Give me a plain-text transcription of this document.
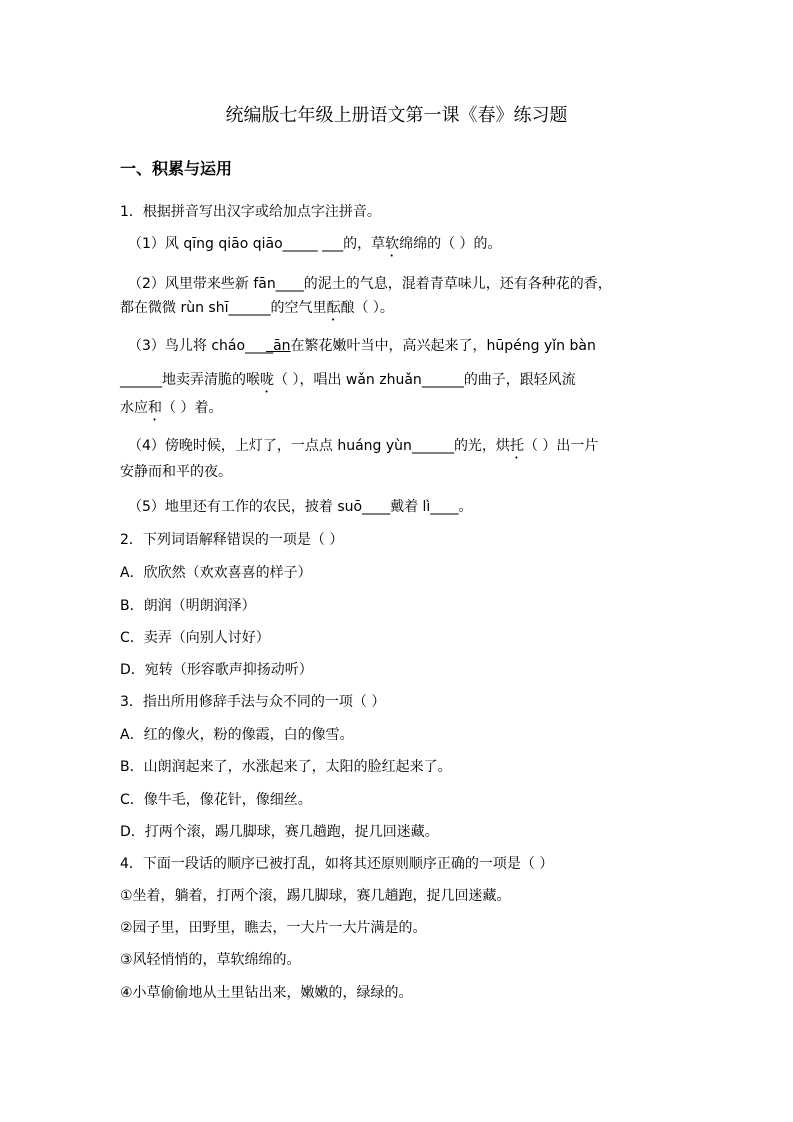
统编版七年级上册语文第一课《春》练习题
一、积累与运用
1．根据拼音写出汉字或给加点字注拼音。
（1）风 qīng qiāo qiāo_____ ___的，草软绵绵的（ ）的。
（2）风里带来些新 fān____的泥土的气息，混着青草味儿，还有各种花的香，
都在微微 rùn shī______的空气里酝酿（ ）。
（3）鸟儿将 cháo____ān在繁花嫩叶当中，高兴起来了，hūpéng yǐn bàn
______地卖弄清脆的喉咙（ ），唱出 wǎn zhuǎn______的曲子，跟轻风流
水应和（ ）着。
（4）傍晚时候，上灯了，一点点 huáng yùn______的光，烘托（ ）出一片
安静而和平的夜。
（5）地里还有工作的农民，披着 suō____戴着 lì____。
2．下列词语解释错误的一项是（ ）
A．欣欣然（欢欢喜喜的样子）
B．朗润（明朗润泽）
C．卖弄（向别人讨好）
D．宛转（形容歌声抑扬动听）
3．指出所用修辞手法与众不同的一项（ ）
A．红的像火，粉的像霞，白的像雪。
B．山朗润起来了，水涨起来了，太阳的脸红起来了。
C．像牛毛，像花针，像细丝。
D．打两个滚，踢几脚球，赛几趟跑，捉几回迷藏。
4．下面一段话的顺序已被打乱，如将其还原则顺序正确的一项是（ ）
①坐着，躺着，打两个滚，踢几脚球，赛几趟跑，捉几回迷藏。
②园子里，田野里，瞧去，一大片一大片满是的。
③风轻悄悄的，草软绵绵的。
④小草偷偷地从土里钻出来，嫩嫩的，绿绿的。
